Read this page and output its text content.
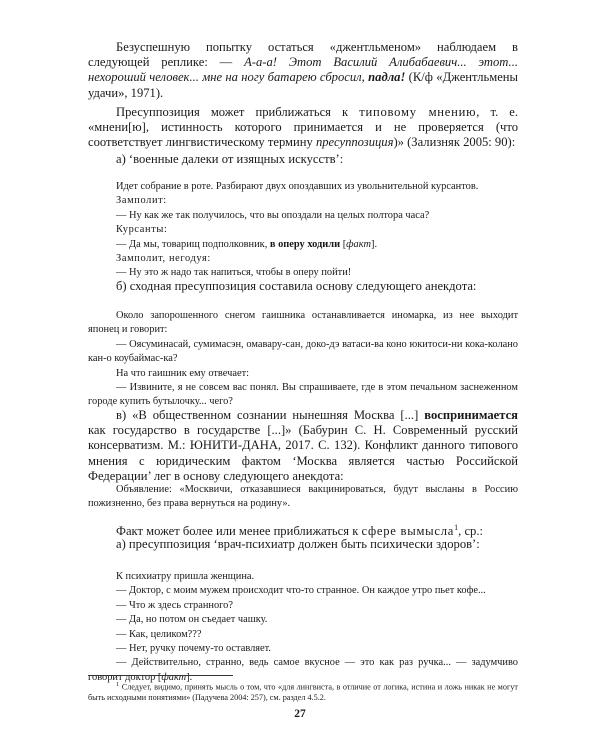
Безуспешную попытку остаться «джентльменом» наблюдаем в следующей реплике: — А-а-а! Этот Василий Алибабаевич... этот... нехороший человек... мне на ногу батарею сбросил, падла! (К/ф «Джентльмены удачи», 1971).

Пресуппозиция может приближаться к типовому мнению, т. е. «мнени[ю], истинность которого принимается и не проверяется (что соответствует лингвистическому термину пресуппозиция)» (Зализняк 2005: 90):

а) ‘военные далеки от изящных искусств’:

Идет собрание в роте. Разбирают двух опоздавших из увольнительной курсантов.
Замполит:
— Ну как же так получилось, что вы опоздали на целых полтора часа?
Курсанты:
— Да мы, товарищ подполковник, в оперу ходили [факт].
Замполит, негодуя:
— Ну это ж надо так напиться, чтобы в оперу пойти!

б) сходная пресуппозиция составила основу следующего анекдота:

Около запорошенного снегом гаишника останавливается иномарка, из нее выходит японец и говорит:
— Оясуминасай, сумимасэн, омавару-сан, доко-дэ ватаси-ва коно юкитоси-ни кока-колано кан-о коубаймас-ка?
На что гаишник ему отвечает:
— Извините, я не совсем вас понял. Вы спрашиваете, где в этом печальном заснеженном городе купить бутылочку... чего?

в) «В общественном сознании нынешняя Москва [...] воспринимается как государство в государстве [...]» (Бабурин С. Н. Современный русский консерватизм. М.: ЮНИТИ-ДАНА, 2017. С. 132). Конфликт данного типового мнения с юридическим фактом ‘Москва является частью Российской Федерации’ лег в основу следующего анекдота:

Объявление: «Москвичи, отказавшиеся вакцинироваться, будут высланы в Россию пожизненно, без права вернуться на родину».

Факт может более или менее приближаться к сфере вымысла$^1$, ср.:

а) пресуппозиция ‘врач-психиатр должен быть психически здоров’:

К психиатру пришла женщина.
— Доктор, с моим мужем происходит что-то странное. Он каждое утро пьет кофе...
— Что ж здесь странного?
— Да, но потом он съедает чашку.
— Как, целиком???
— Нет, ручку почему-то оставляет.
— Действительно, странно, ведь самое вкусное — это как раз ручка... — задумчиво говорит доктор [факт].

$^1$ Следует, видимо, принять мысль о том, что «для лингвиста, в отличие от логика, истина и ложь никак не могут быть исходными понятиями» (Падучева 2004: 257), см. раздел 4.5.2.

27
